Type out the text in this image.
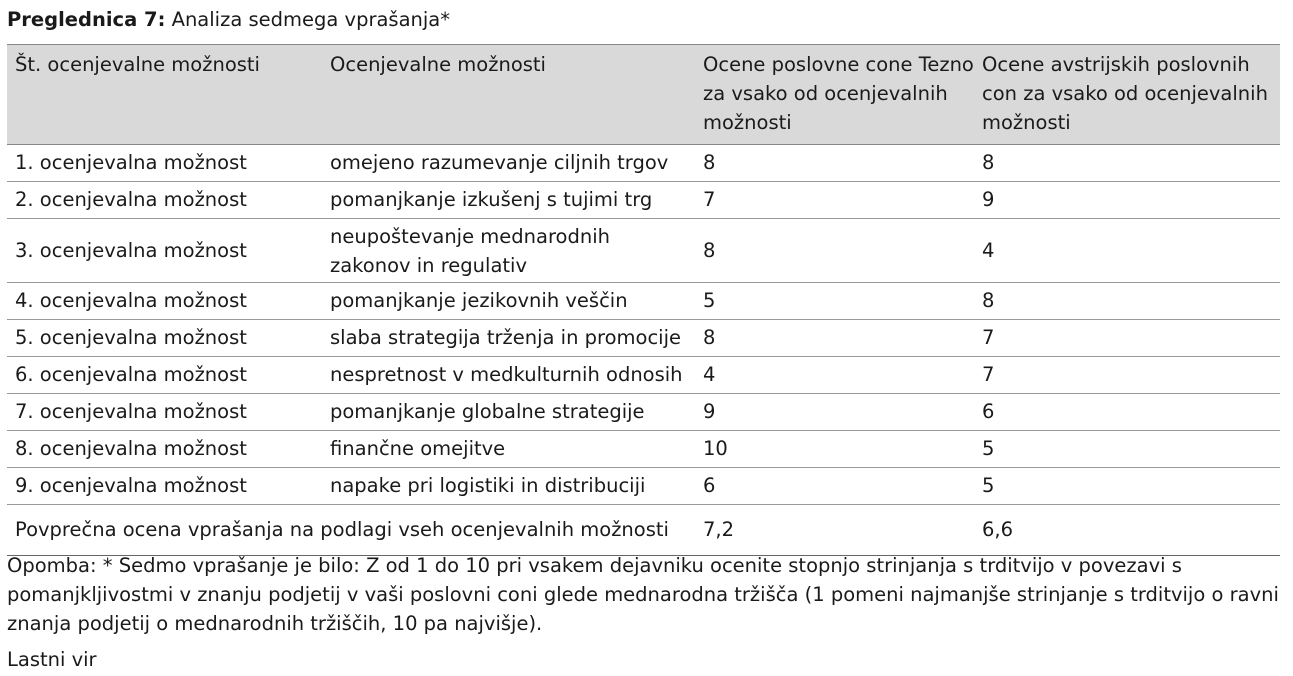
Preglednica 7: Analiza sedmega vprašanja*
Št. ocenjevalne možnosti	Ocenjevalne možnosti	Ocene poslovne cone Tezno za vsako od ocenjevalnih možnosti	Ocene avstrijskih poslovnih con za vsako od ocenjevalnih možnosti
1. ocenjevalna možnost	omejeno razumevanje ciljnih trgov	8	8
2. ocenjevalna možnost	pomanjkanje izkušenj s tujimi trg	7	9
3. ocenjevalna možnost	neupoštevanje mednarodnih zakonov in regulativ	8	4
4. ocenjevalna možnost	pomanjkanje jezikovnih veščin	5	8
5. ocenjevalna možnost	slaba strategija trženja in promocije	8	7
6. ocenjevalna možnost	nespretnost v medkulturnih odnosih	4	7
7. ocenjevalna možnost	pomanjkanje globalne strategije	9	6
8. ocenjevalna možnost	finančne omejitve	10	5
9. ocenjevalna možnost	napake pri logistiki in distribuciji	6	5
Povprečna ocena vprašanja na podlagi vseh ocenjevalnih možnosti		7,2	6,6
Opomba: * Sedmo vprašanje je bilo: Z od 1 do 10 pri vsakem dejavniku ocenite stopnjo strinjanja s trditvijo v povezavi s pomanjkljivostmi v znanju podjetij v vaši poslovni coni glede mednarodna tržišča (1 pomeni najmanjše strinjanje s trditvijo o ravni znanja podjetij o mednarodnih tržiščih, 10 pa najvišje).
Lastni vir
